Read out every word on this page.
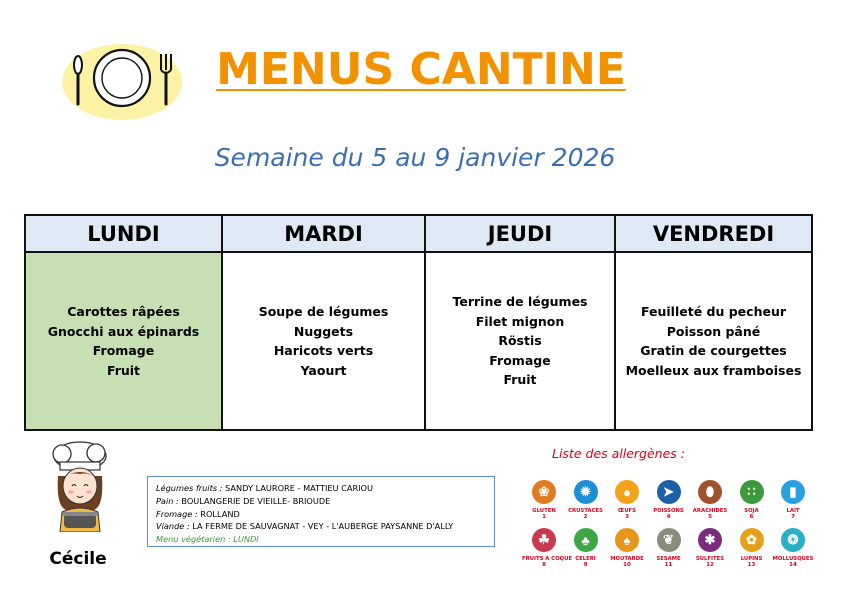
MENUS CANTINE
Semaine du 5 au 9 janvier 2026
LUNDI
Carottes râpées
Gnocchi aux épinards
Fromage
Fruit
MARDI
Soupe de légumes
Nuggets
Haricots verts
Yaourt
JEUDI
Terrine de légumes
Filet mignon
Röstis
Fromage
Fruit
VENDREDI
Feuilleté du pecheur
Poisson pâné
Gratin de courgettes
Moelleux aux framboises
Cécile
Légumes fruits : SANDY LAURORE - MATTIEU CARIOU
Pain : BOULANGERIE DE VIEILLE- BRIOUDE
Fromage : ROLLAND
Viande : LA FERME DE SAUVAGNAT - VEY - L'AUBERGE PAYSANNE D'ALLY
Menu végétarien : LUNDI
Liste des allergènes :
❀
GLUTEN
1
✹
CRUSTACES
2
●
ŒUFS
3
➤
POISSONS
4
⬮
ARACHIDES
5
∷
SOJA
6
▮
LAIT
7
☘
FRUITS A COQUE
8
♣
CELERI
9
♠
MOUTARDE
10
❦
SESAME
11
✱
SULFITES
12
✿
LUPINS
13
❂
MOLLUSQUES
14
